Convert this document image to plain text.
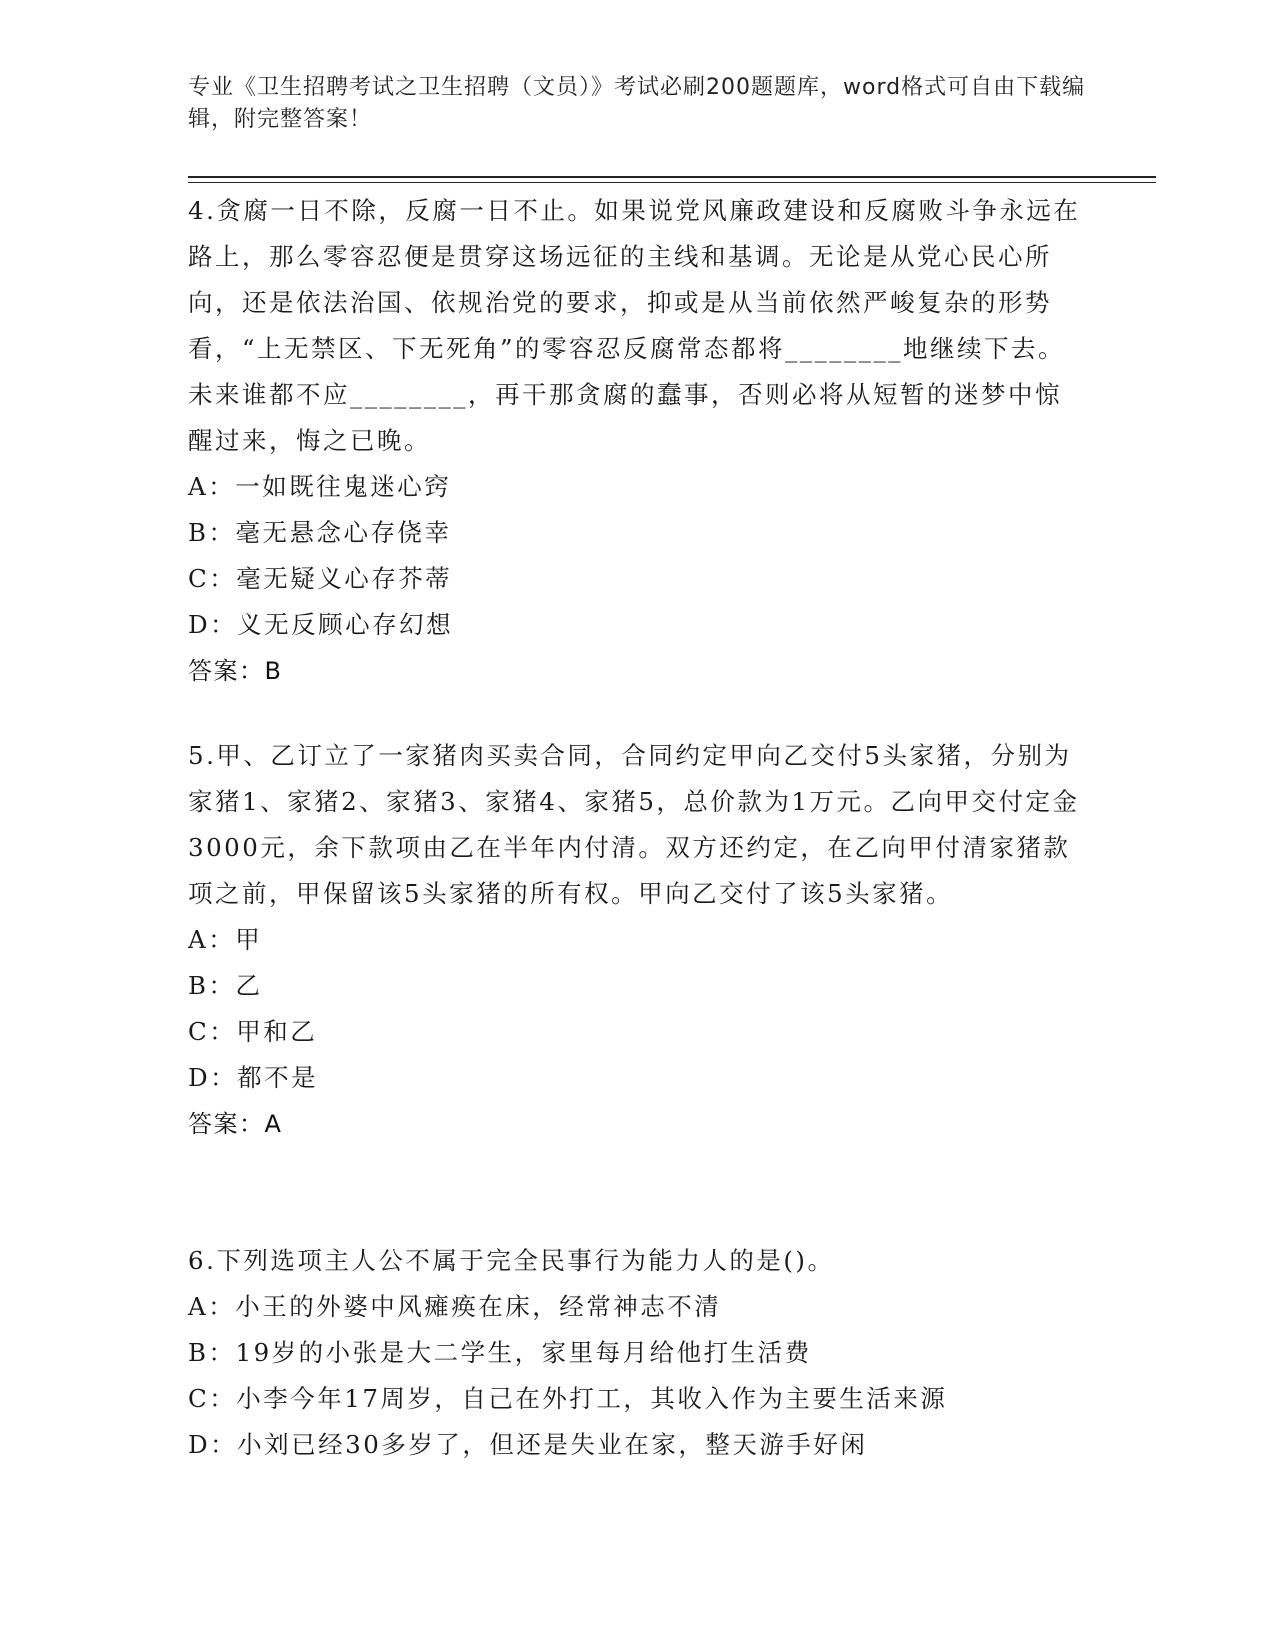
专业《卫生招聘考试之卫生招聘（文员）》考试必刷200题题库，word格式可自由下载编辑，附完整答案！

4.贪腐一日不除，反腐一日不止。如果说党风廉政建设和反腐败斗争永远在路上，那么零容忍便是贯穿这场远征的主线和基调。无论是从党心民心所向，还是依法治国、依规治党的要求，抑或是从当前依然严峻复杂的形势看，“上无禁区、下无死角”的零容忍反腐常态都将________地继续下去。未来谁都不应________，再干那贪腐的蠢事，否则必将从短暂的迷梦中惊醒过来，悔之已晚。

A：一如既往鬼迷心窍

B：毫无悬念心存侥幸

C：毫无疑义心存芥蒂

D：义无反顾心存幻想

答案：B

5.甲、乙订立了一家猪肉买卖合同，合同约定甲向乙交付5头家猪，分别为家猪1、家猪2、家猪3、家猪4、家猪5，总价款为1万元。乙向甲交付定金3000元，余下款项由乙在半年内付清。双方还约定，在乙向甲付清家猪款项之前，甲保留该5头家猪的所有权。甲向乙交付了该5头家猪。

A：甲

B：乙

C：甲和乙

D：都不是

答案：A

6.下列选项主人公不属于完全民事行为能力人的是()。

A：小王的外婆中风瘫痪在床，经常神志不清

B：19岁的小张是大二学生，家里每月给他打生活费

C：小李今年17周岁，自己在外打工，其收入作为主要生活来源

D：小刘已经30多岁了，但还是失业在家，整天游手好闲
